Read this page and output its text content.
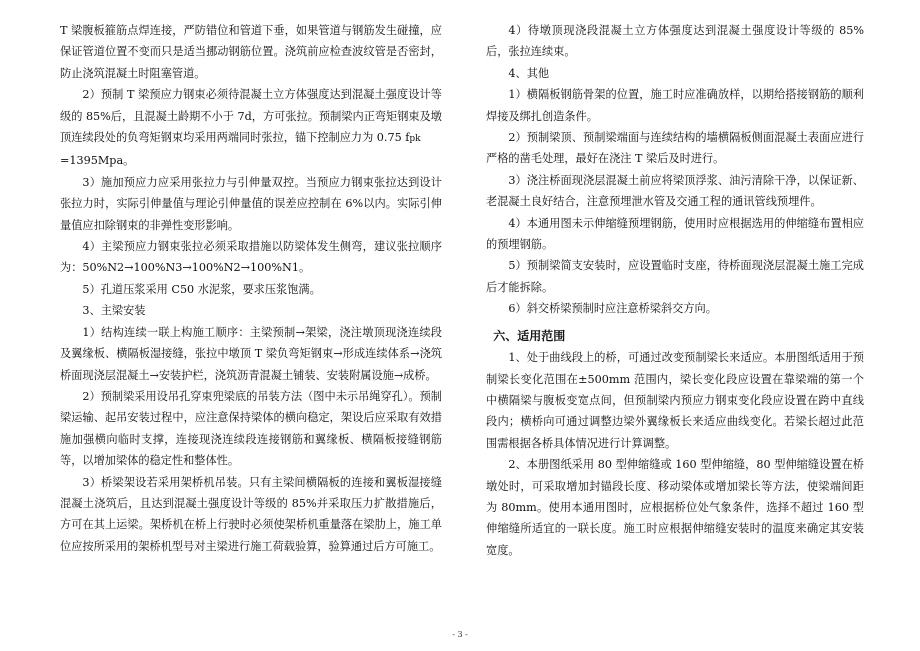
T 梁腹板箍筋点焊连接，严防错位和管道下垂，如果管道与钢筋发生碰撞，应保证管道位置不变而只是适当挪动钢筋位置。浇筑前应检查波纹管是否密封，防止浇筑混凝土时阻塞管道。

2）预制 T 梁预应力钢束必须待混凝土立方体强度达到混凝土强度设计等级的 85%后，且混凝土龄期不小于 7d，方可张拉。预制梁内正弯矩钢束及墩顶连续段处的负弯矩钢束均采用两端同时张拉，锚下控制应力为 0.75 fpk
=1395Mpa。

3）施加预应力应采用张拉力与引伸量双控。当预应力钢束张拉达到设计张拉力时，实际引伸量值与理论引伸量值的误差应控制在 6%以内。实际引伸量值应扣除钢束的非弹性变形影响。

4）主梁预应力钢束张拉必须采取措施以防梁体发生侧弯，建议张拉顺序为：50%N2→100%N3→100%N2→100%N1。

5）孔道压浆采用 C50 水泥浆，要求压浆饱满。

3、主梁安装

1）结构连续一联上构施工顺序：主梁预制→架梁，浇注墩顶现浇连续段及翼缘板、横隔板湿接缝，张拉中墩顶 T 梁负弯矩钢束→形成连续体系→浇筑桥面现浇层混凝土→安装护栏，浇筑沥青混凝土铺装、安装附属设施→成桥。

2）预制梁采用设吊孔穿束兜梁底的吊装方法（图中未示吊绳穿孔）。预制梁运输、起吊安装过程中，应注意保持梁体的横向稳定，架设后应采取有效措施加强横向临时支撑，连接现浇连续段连接钢筋和翼缘板、横隔板接缝钢筋等，以增加梁体的稳定性和整体性。

3）桥梁架设若采用架桥机吊装。只有主梁间横隔板的连接和翼板湿接缝混凝土浇筑后，且达到混凝土强度设计等级的 85%并采取压力扩散措施后，方可在其上运梁。架桥机在桥上行驶时必须使架桥机重量落在梁肋上，施工单位应按所采用的架桥机型号对主梁进行施工荷载验算，验算通过后方可施工。

4）待墩顶现浇段混凝土立方体强度达到混凝土强度设计等级的 85%后，张拉连续束。

4、其他

1）横隔板钢筋骨架的位置，施工时应准确放样，以期给搭接钢筋的顺利焊接及绑扎创造条件。

2）预制梁顶、预制梁端面与连续结构的墙横隔板侧面混凝土表面应进行严格的凿毛处理，最好在浇注 T 梁后及时进行。

3）浇注桥面现浇层混凝土前应将梁顶浮浆、油污清除干净，以保证新、老混凝土良好结合，注意预埋泄水管及交通工程的通讯管线预埋件。

4）本通用图未示伸缩缝预埋钢筋，使用时应根据选用的伸缩缝布置相应的预埋钢筋。

5）预制梁简支安装时，应设置临时支座，待桥面现浇层混凝土施工完成后才能拆除。

6）斜交桥梁预制时应注意桥梁斜交方向。

六、适用范围

1、处于曲线段上的桥，可通过改变预制梁长来适应。本册图纸适用于预制梁长变化范围在±500mm 范围内，梁长变化段应设置在靠梁端的第一个中横隔梁与腹板变宽点间，但预制梁内预应力钢束变化段应设置在跨中直线段内；横桥向可通过调整边梁外翼缘板长来适应曲线变化。若梁长超过此范围需根据各桥具体情况进行计算调整。

2、本册图纸采用 80 型伸缩缝或 160 型伸缩缝，80 型伸缩缝设置在桥墩处时，可采取增加封锚段长度、移动梁体或增加梁长等方法，使梁端间距为 80mm。使用本通用图时，应根据桥位处气象条件，选择不超过 160 型伸缩缝所适宜的一联长度。施工时应根据伸缩缝安装时的温度来确定其安装宽度。

- 3 -
